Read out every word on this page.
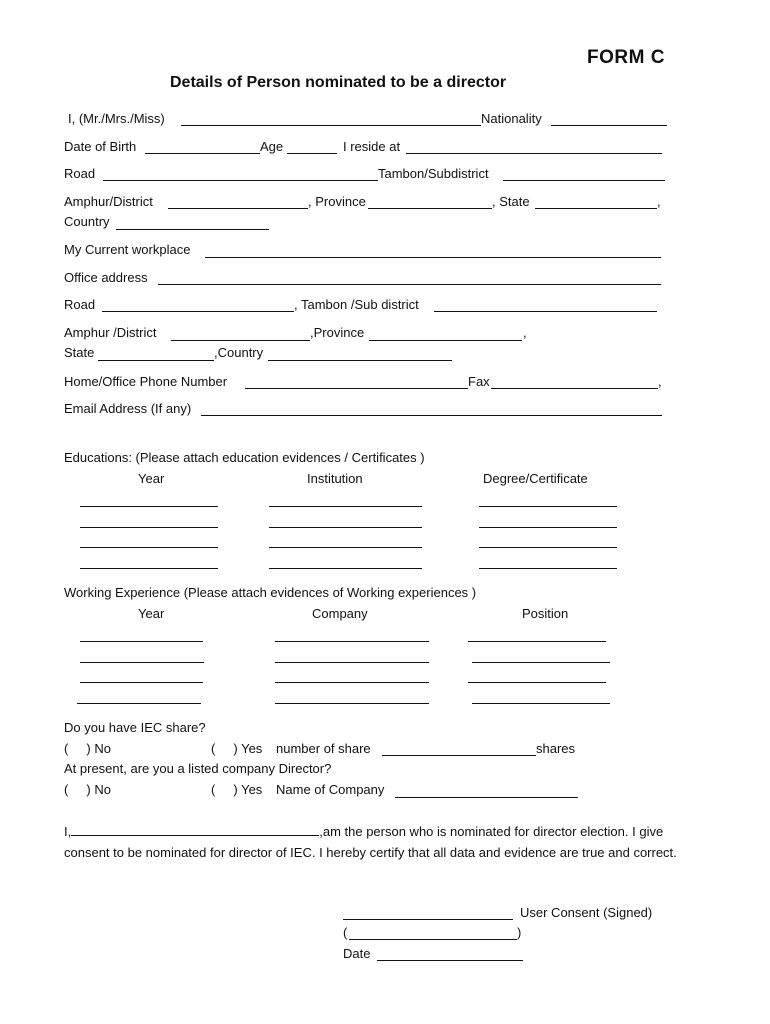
FORM C
Details of Person nominated to be a director
I, (Mr./Mrs./Miss)	Nationality
Date of Birth	Age	I reside at
Road	Tambon/Subdistrict
Amphur/District	, Province	, State	,
Country
My Current workplace
Office address
Road	, Tambon /Sub district
Amphur /District	,Province	,
State	,Country
Home/Office Phone Number	Fax	,
Email Address (If any)
Educations: (Please attach education evidences / Certificates )
Year	Institution	Degree/Certificate
Working Experience (Please attach evidences of Working experiences )
Year	Company	Position
Do you have IEC share?
(     ) No	(     ) Yes number of share	shares
At present, are you a listed company Director?
(     ) No	(     ) Yes Name of Company
I,	,am the person who is nominated for director election. I give consent to be nominated for director of IEC. I hereby certify that all data and evidence are true and correct.
User Consent (Signed)
(	)
Date
